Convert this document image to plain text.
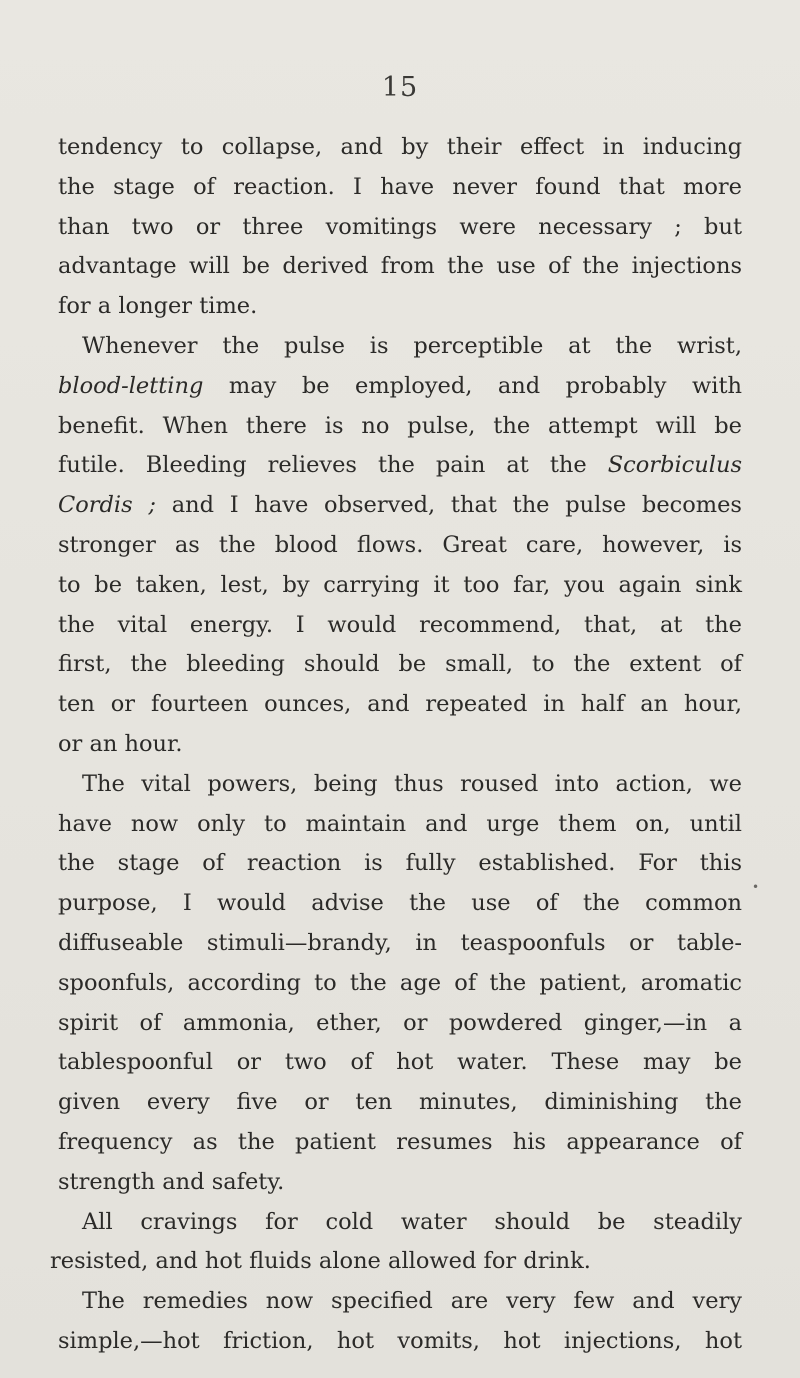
15
tendency to collapse, and by their effect in inducing
the stage of reaction. I have never found that more
than two or three vomitings were necessary ; but
advantage will be derived from the use of the injections
for a longer time.
Whenever the pulse is perceptible at the wrist,
blood-letting may be employed, and probably with
benefit. When there is no pulse, the attempt will be
futile. Bleeding relieves the pain at the Scorbiculus
Cordis ; and I have observed, that the pulse becomes
stronger as the blood flows. Great care, however, is
to be taken, lest, by carrying it too far, you again sink
the vital energy. I would recommend, that, at the
first, the bleeding should be small, to the extent of
ten or fourteen ounces, and repeated in half an hour,
or an hour.
The vital powers, being thus roused into action, we
have now only to maintain and urge them on, until
the stage of reaction is fully established. For this
purpose, I would advise the use of the common
diffuseable stimuli—brandy, in teaspoonfuls or table-
spoonfuls, according to the age of the patient, aromatic
spirit of ammonia, ether, or powdered ginger,—in a
tablespoonful or two of hot water. These may be
given every five or ten minutes, diminishing the
frequency as the patient resumes his appearance of
strength and safety.
All cravings for cold water should be steadily
resisted, and hot fluids alone allowed for drink.
The remedies now specified are very few and very
simple,—hot friction, hot vomits, hot injections, hot
•
